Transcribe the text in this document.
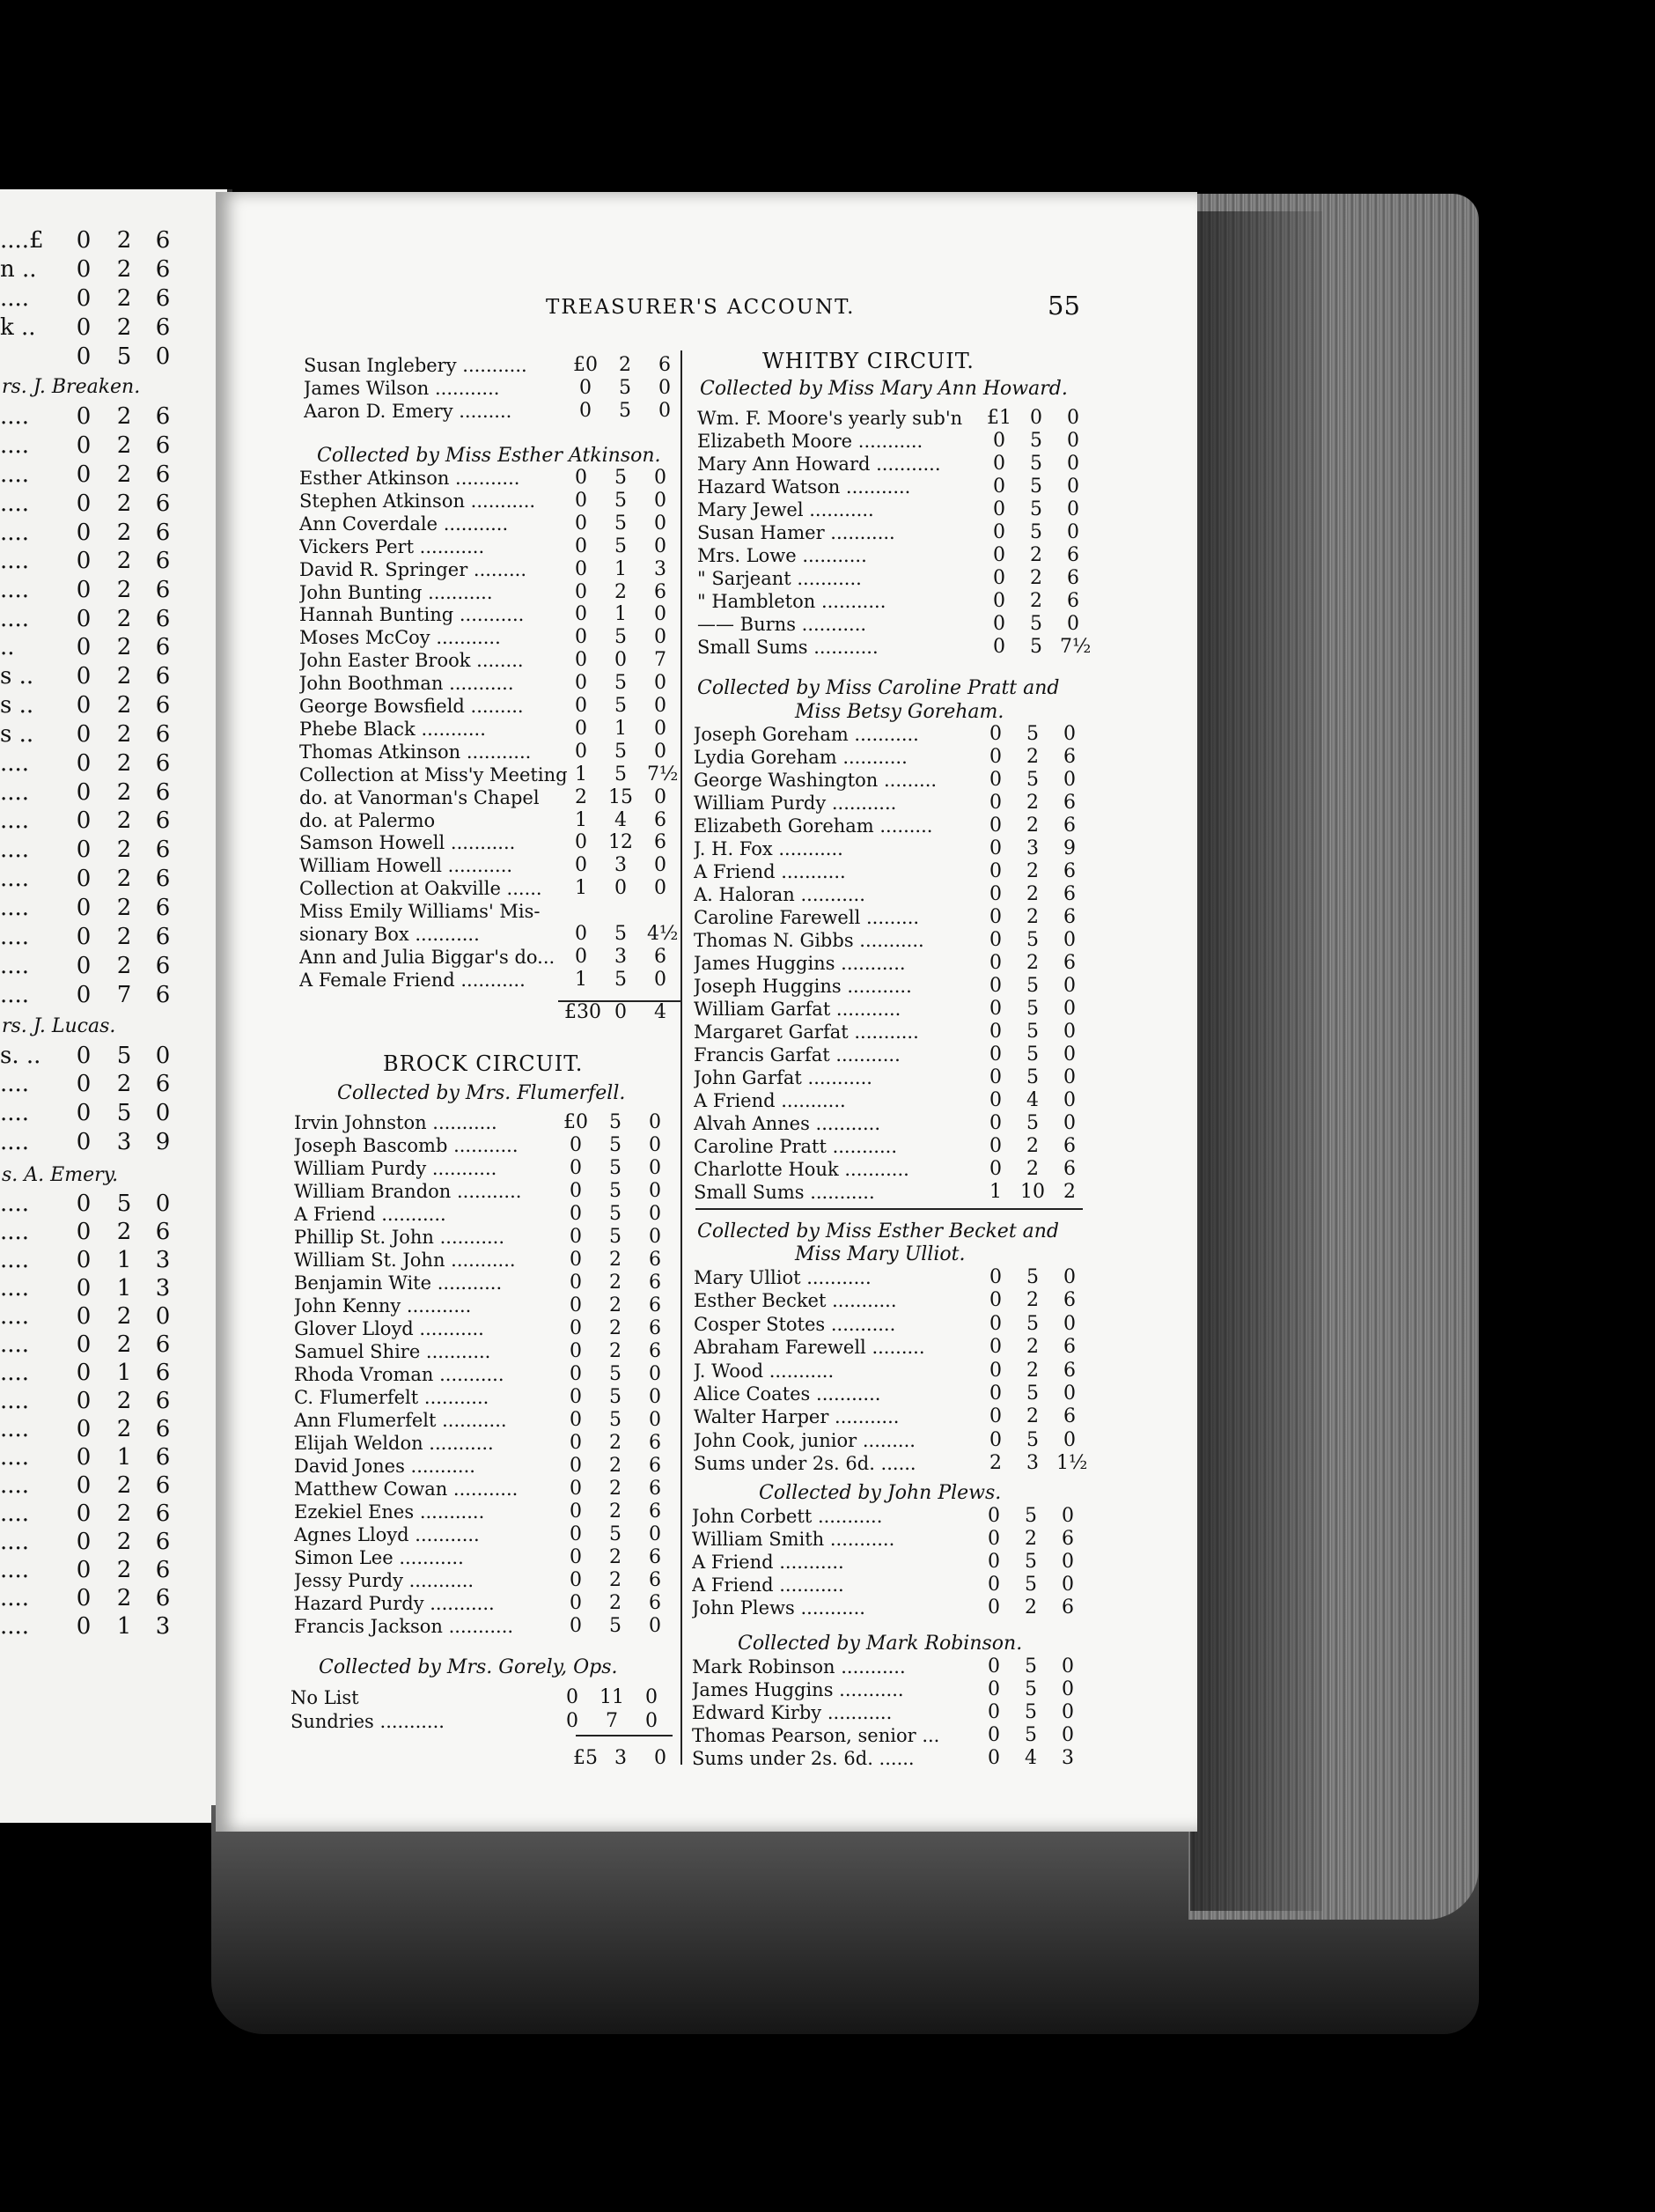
....£ 0 2 6
n .. 0 2 6
.... 0 2 6
k .. 0 2 6
0 5 0
rs. J. Breaken.
.... 0 2 6
.... 0 2 6
.... 0 2 6
.... 0 2 6
.... 0 2 6
.... 0 2 6
.... 0 2 6
.... 0 2 6
..	0 2 6
s .. 0 2 6
s .. 0 2 6
s .. 0 2 6
.... 0 2 6
.... 0 2 6
.... 0 2 6
.... 0 2 6
.... 0 2 6
.... 0 2 6
.... 0 2 6
.... 0 2 6
.... 0 7 6
rs. J. Lucas.
s. .. 0 5 0
.... 0 2 6
.... 0 5 0
.... 0 3 9
s. A. Emery.
.... 0 5 0
.... 0 2 6
.... 0 1 3
.... 0 1 3
.... 0 2 0
.... 0 2 6
.... 0 1 6
.... 0 2 6
.... 0 2 6
.... 0 1 6
.... 0 2 6
.... 0 2 6
.... 0 2 6
.... 0 2 6
.... 0 2 6
.... 0 1 3
TREASURER'S ACCOUNT.	55
Susan Inglebery ...........	£0	2	6
James Wilson ...........	0	5	0
Aaron D. Emery .........	0	5	0
Collected by Miss Esther Atkinson.
Esther Atkinson ...........	0	5	0
Stephen Atkinson ...........	0	5	0
Ann Coverdale ...........	0	5	0
Vickers Pert ...........	0	5	0
David R. Springer .........	0	1	3
John Bunting ...........	0	2	6
Hannah Bunting ...........	0	1	0
Moses McCoy ...........	0	5	0
John Easter Brook ........	0	0	7
John Boothman ...........	0	5	0
George Bowsfield .........	0	5	0
Phebe Black ...........	0	1	0
Thomas Atkinson ...........	0	5	0
Collection at Miss'y Meeting 1	5	7½
do. at Vanorman's Chapel	2	15	0
do. at Palermo	1	4	6
Samson Howell ...........	0	12	6
William Howell ...........	0	3	0
Collection at Oakville ......	1	0	0
Miss Emily Williams' Mis-
sionary Box ...........	0	5	4½
Ann and Julia Biggar's do...	0	3	6
A Female Friend ...........	1	5	0
£30 0	4
BROCK CIRCUIT.
Collected by Mrs. Flumerfell.
Irvin Johnston ...........	£0	5	0
Joseph Bascomb ...........	0	5	0
William Purdy ...........	0	5	0
William Brandon ...........	0	5	0
A Friend ...........	0	5	0
Phillip St. John ...........	0	5	0
William St. John ...........	0	2	6
Benjamin Wite ...........	0	2	6
John Kenny ...........	0	2	6
Glover Lloyd ...........	0	2	6
Samuel Shire ...........	0	2	6
Rhoda Vroman ...........	0	5	0
C. Flumerfelt ...........	0	5	0
Ann Flumerfelt ...........	0	5	0
Elijah Weldon ...........	0	2	6
David Jones ...........	0	2	6
Matthew Cowan ...........	0	2	6
Ezekiel Enes ...........	0	2	6
Agnes Lloyd ...........	0	5	0
Simon Lee ...........	0	2	6
Jessy Purdy ...........	0	2	6
Hazard Purdy ...........	0	2	6
Francis Jackson ...........	0	5	0
Collected by Mrs. Gorely, Ops.
No List	0	11	0
Sundries ...........	0	7	0
£5 3	0
WHITBY CIRCUIT.
Collected by Miss Mary Ann Howard.
Wm. F. Moore's yearly sub'n	£1 0	0
Elizabeth Moore ...........	0	5	0
Mary Ann Howard ...........	0	5	0
Hazard Watson ...........	0	5	0
Mary Jewel ...........	0	5	0
Susan Hamer ...........	0	5	0
Mrs. Lowe ...........	0	2	6
" Sarjeant ...........	0	2	6
" Hambleton ...........	0	2	6
—— Burns ...........	0	5	0
Small Sums ...........	0	5 7½
Collected by Miss Caroline Pratt and
Miss Betsy Goreham.
Joseph Goreham ...........	0	5	0
Lydia Goreham ...........	0	2	6
George Washington .........	0	5	0
William Purdy ...........	0	2	6
Elizabeth Goreham .........	0	2	6
J. H. Fox ...........	0	3	9
A Friend ...........	0	2	6
A. Haloran ...........	0	2	6
Caroline Farewell .........	0	2	6
Thomas N. Gibbs ...........	0	5	0
James Huggins ...........	0	2	6
Joseph Huggins ...........	0	5	0
William Garfat ...........	0	5	0
Margaret Garfat ...........	0	5	0
Francis Garfat ...........	0	5	0
John Garfat ...........	0	5	0
A Friend ...........	0	4	0
Alvah Annes ...........	0	5	0
Caroline Pratt ...........	0	2	6
Charlotte Houk ...........	0	2	6
Small Sums ...........	1 10 2
Collected by Miss Esther Becket and
Miss Mary Ulliot.
Mary Ulliot ...........	0	5	0
Esther Becket ...........	0	2	6
Cosper Stotes ...........	0	5	0
Abraham Farewell .........	0	2	6
J. Wood ...........	0	2	6
Alice Coates ...........	0	5	0
Walter Harper ...........	0	2	6
John Cook, junior .........	0	5	0
Sums under 2s. 6d. ......	2	3 1½
Collected by John Plews.
John Corbett ...........	0	5	0
William Smith ...........	0	2	6
A Friend ...........	0	5	0
A Friend ...........	0	5	0
John Plews ...........	0	2	6
Collected by Mark Robinson.
Mark Robinson ...........	0	5	0
James Huggins ...........	0	5	0
Edward Kirby ...........	0	5	0
Thomas Pearson, senior ...	0	5	0
Sums under 2s. 6d. ......	0	4	3
